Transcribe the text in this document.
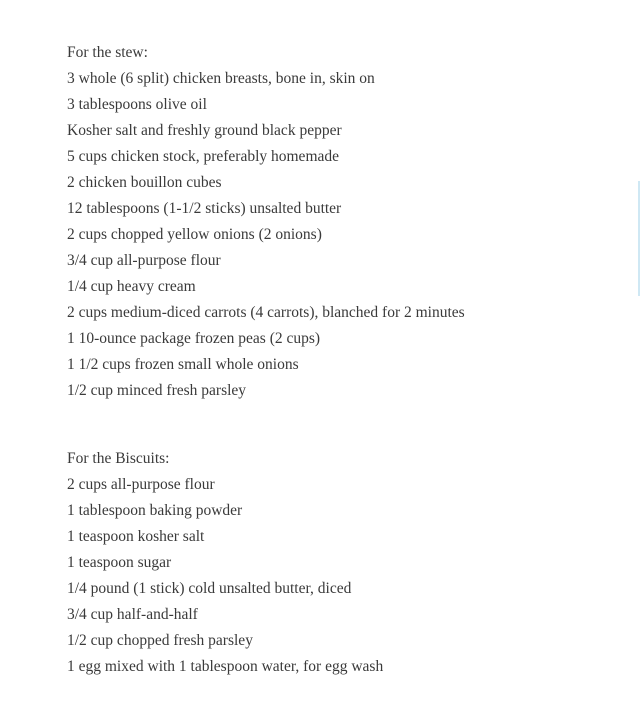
For the stew:
3 whole (6 split) chicken breasts, bone in, skin on
3 tablespoons olive oil
Kosher salt and freshly ground black pepper
5 cups chicken stock, preferably homemade
2 chicken bouillon cubes
12 tablespoons (1-1/2 sticks) unsalted butter
2 cups chopped yellow onions (2 onions)
3/4 cup all-purpose flour
1/4 cup heavy cream
2 cups medium-diced carrots (4 carrots), blanched for 2 minutes
1 10-ounce package frozen peas (2 cups)
1 1/2 cups frozen small whole onions
1/2 cup minced fresh parsley
For the Biscuits:
2 cups all-purpose flour
1 tablespoon baking powder
1 teaspoon kosher salt
1 teaspoon sugar
1/4 pound (1 stick) cold unsalted butter, diced
3/4 cup half-and-half
1/2 cup chopped fresh parsley
1 egg mixed with 1 tablespoon water, for egg wash
